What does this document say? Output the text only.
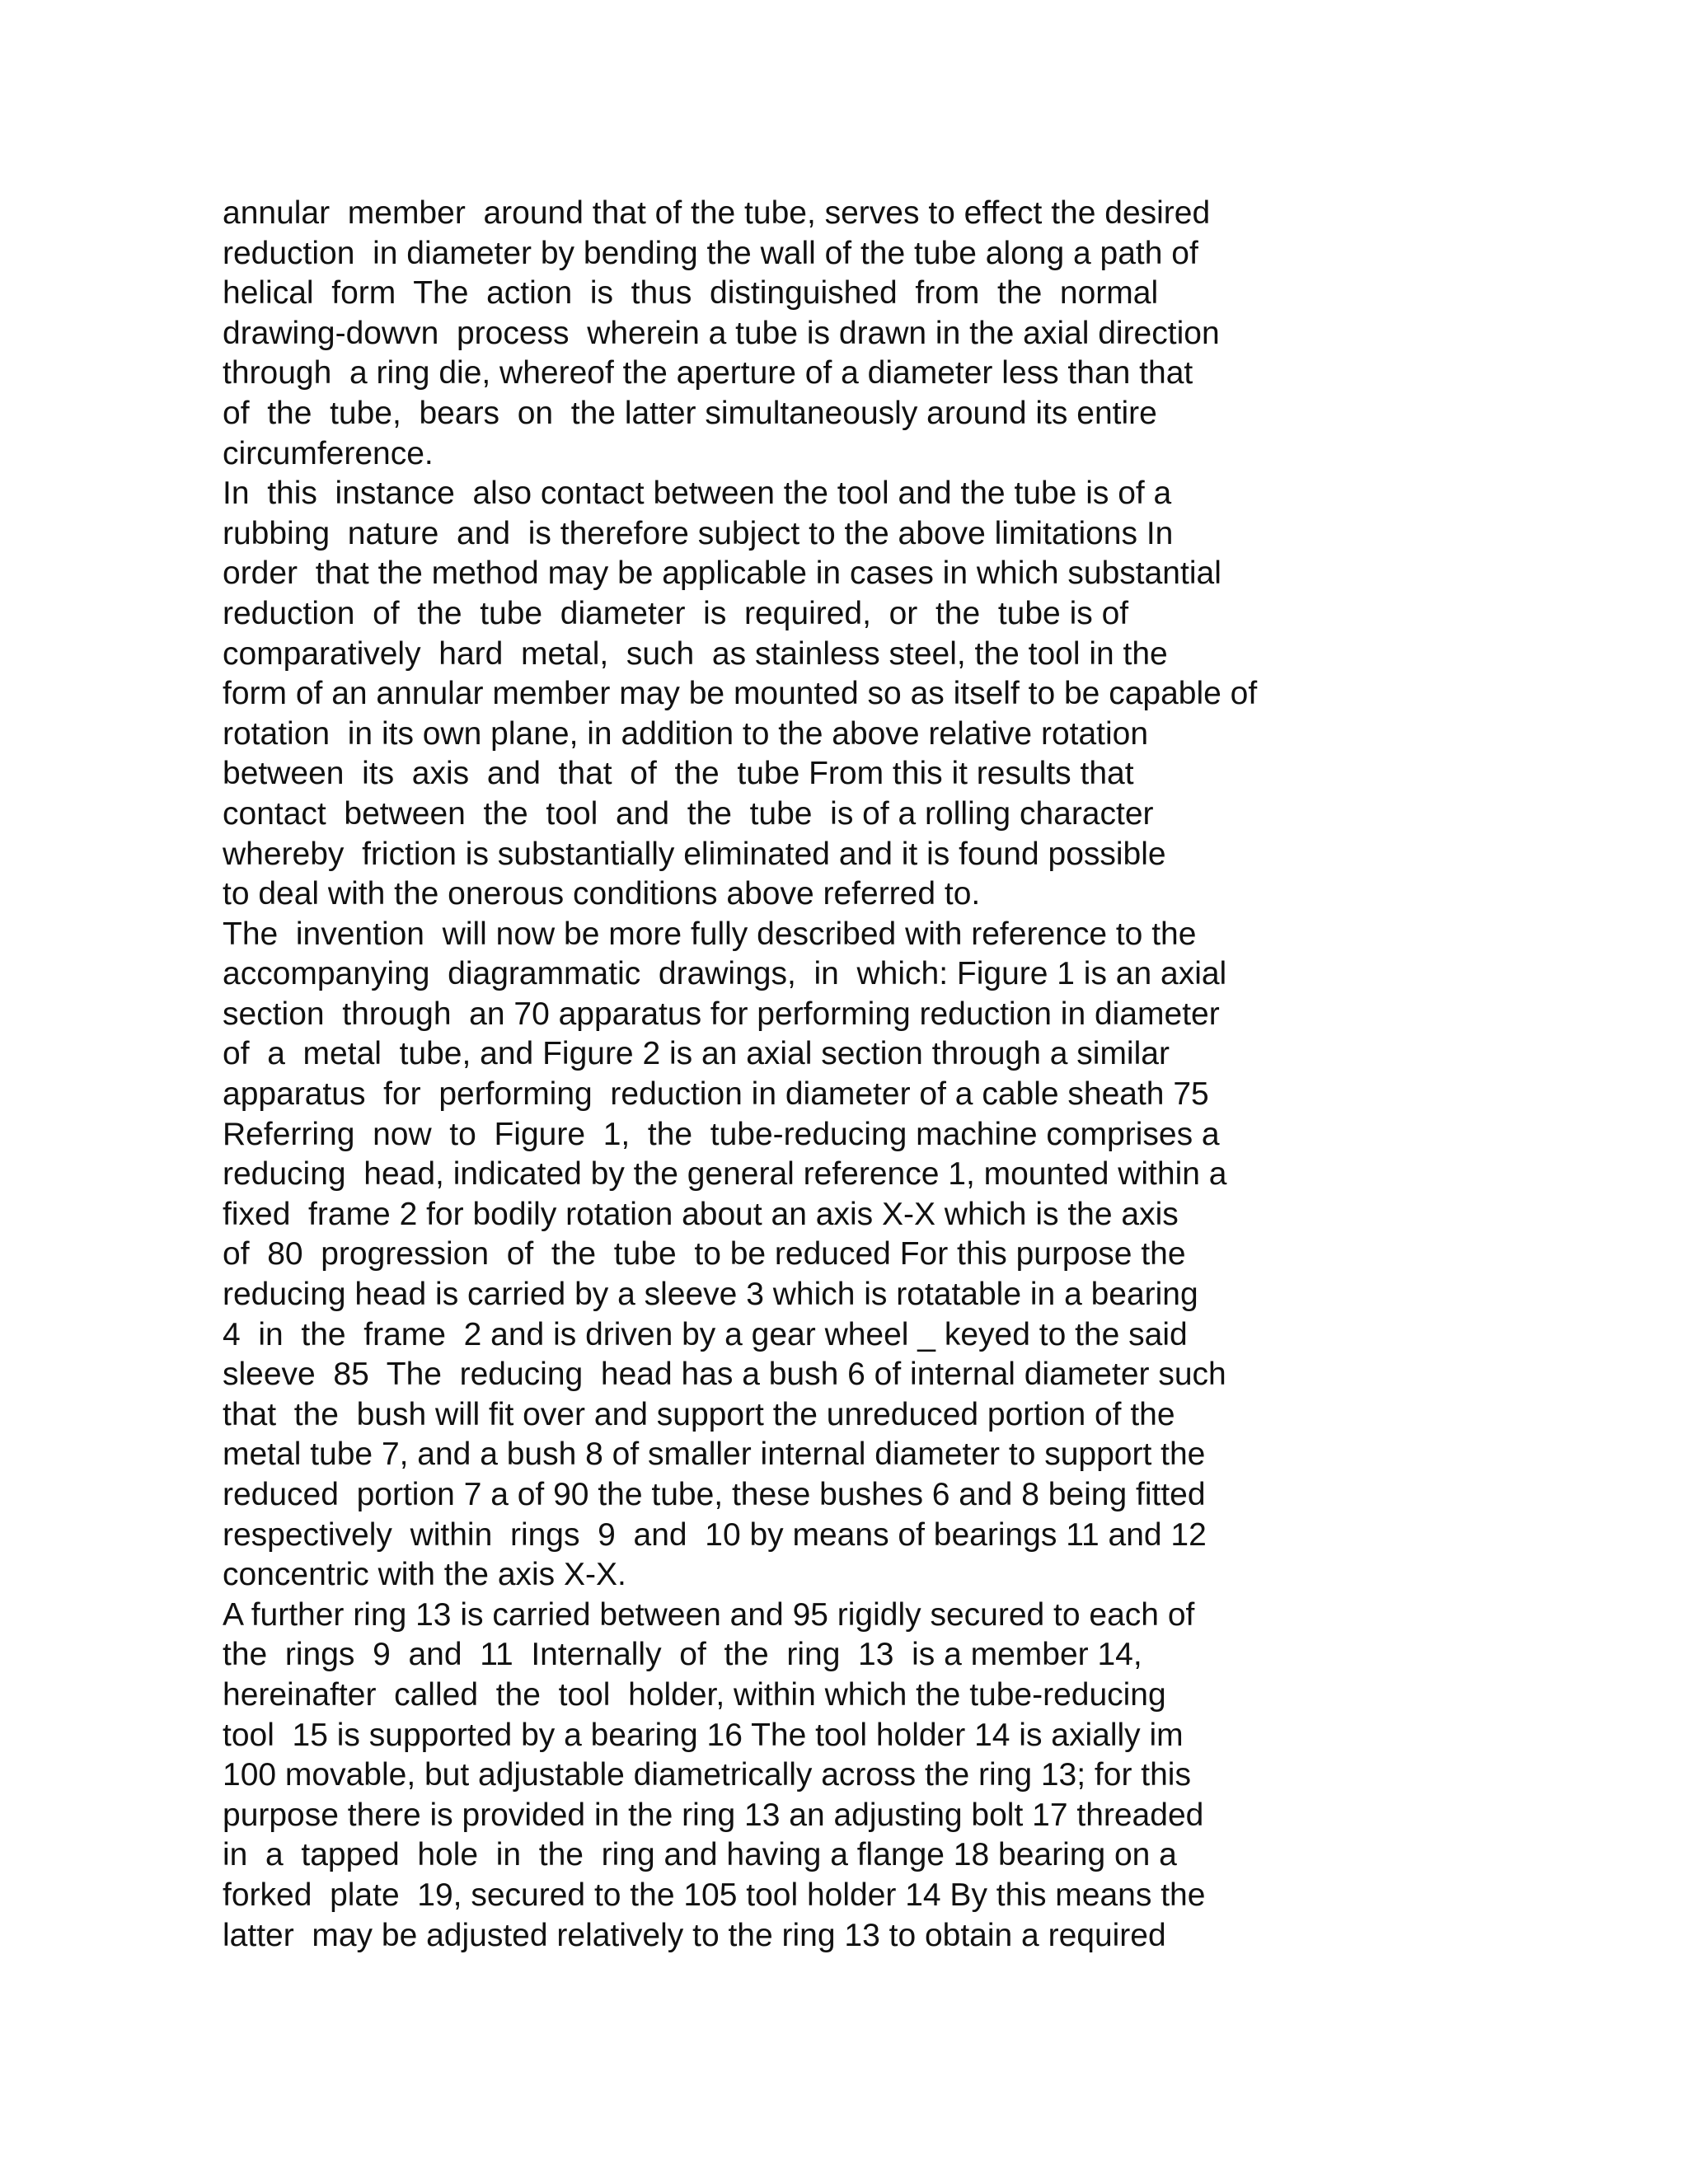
annular  member  around that of the tube, serves to effect the desired
reduction  in diameter by bending the wall of the tube along a path of
helical  form  The  action  is  thus  distinguished  from  the  normal
drawing-dowvn  process  wherein a tube is drawn in the axial direction
through  a ring die, whereof the aperture of a diameter less than that
of  the  tube,  bears  on  the latter simultaneously around its entire
circumference.
In  this  instance  also contact between the tool and the tube is of a
rubbing  nature  and  is therefore subject to the above limitations In
order  that the method may be applicable in cases in which substantial
reduction  of  the  tube  diameter  is  required,  or  the  tube is of
comparatively  hard  metal,  such  as stainless steel, the tool in the
form of an annular member may be mounted so as itself to be capable of
rotation  in its own plane, in addition to the above relative rotation
between  its  axis  and  that  of  the  tube From this it results that
contact  between  the  tool  and  the  tube  is of a rolling character
whereby  friction is substantially eliminated and it is found possible
to deal with the onerous conditions above referred to.
The  invention  will now be more fully described with reference to the
accompanying  diagrammatic  drawings,  in  which: Figure 1 is an axial
section  through  an 70 apparatus for performing reduction in diameter
of  a  metal  tube, and Figure 2 is an axial section through a similar
apparatus  for  performing  reduction in diameter of a cable sheath 75
Referring  now  to  Figure  1,  the  tube-reducing machine comprises a
reducing  head, indicated by the general reference 1, mounted within a
fixed  frame 2 for bodily rotation about an axis X-X which is the axis
of  80  progression  of  the  tube  to be reduced For this purpose the
reducing head is carried by a sleeve 3 which is rotatable in a bearing
4  in  the  frame  2 and is driven by a gear wheel _ keyed to the said
sleeve  85  The  reducing  head has a bush 6 of internal diameter such
that  the  bush will fit over and support the unreduced portion of the
metal tube 7, and a bush 8 of smaller internal diameter to support the
reduced  portion 7 a of 90 the tube, these bushes 6 and 8 being fitted
respectively  within  rings  9  and  10 by means of bearings 11 and 12
concentric with the axis X-X.
A further ring 13 is carried between and 95 rigidly secured to each of
the  rings  9  and  11  Internally  of  the  ring  13  is a member 14,
hereinafter  called  the  tool  holder, within which the tube-reducing
tool  15 is supported by a bearing 16 The tool holder 14 is axially im
100 movable, but adjustable diametrically across the ring 13; for this
purpose there is provided in the ring 13 an adjusting bolt 17 threaded
in  a  tapped  hole  in  the  ring and having a flange 18 bearing on a
forked  plate  19, secured to the 105 tool holder 14 By this means the
latter  may be adjusted relatively to the ring 13 to obtain a required
